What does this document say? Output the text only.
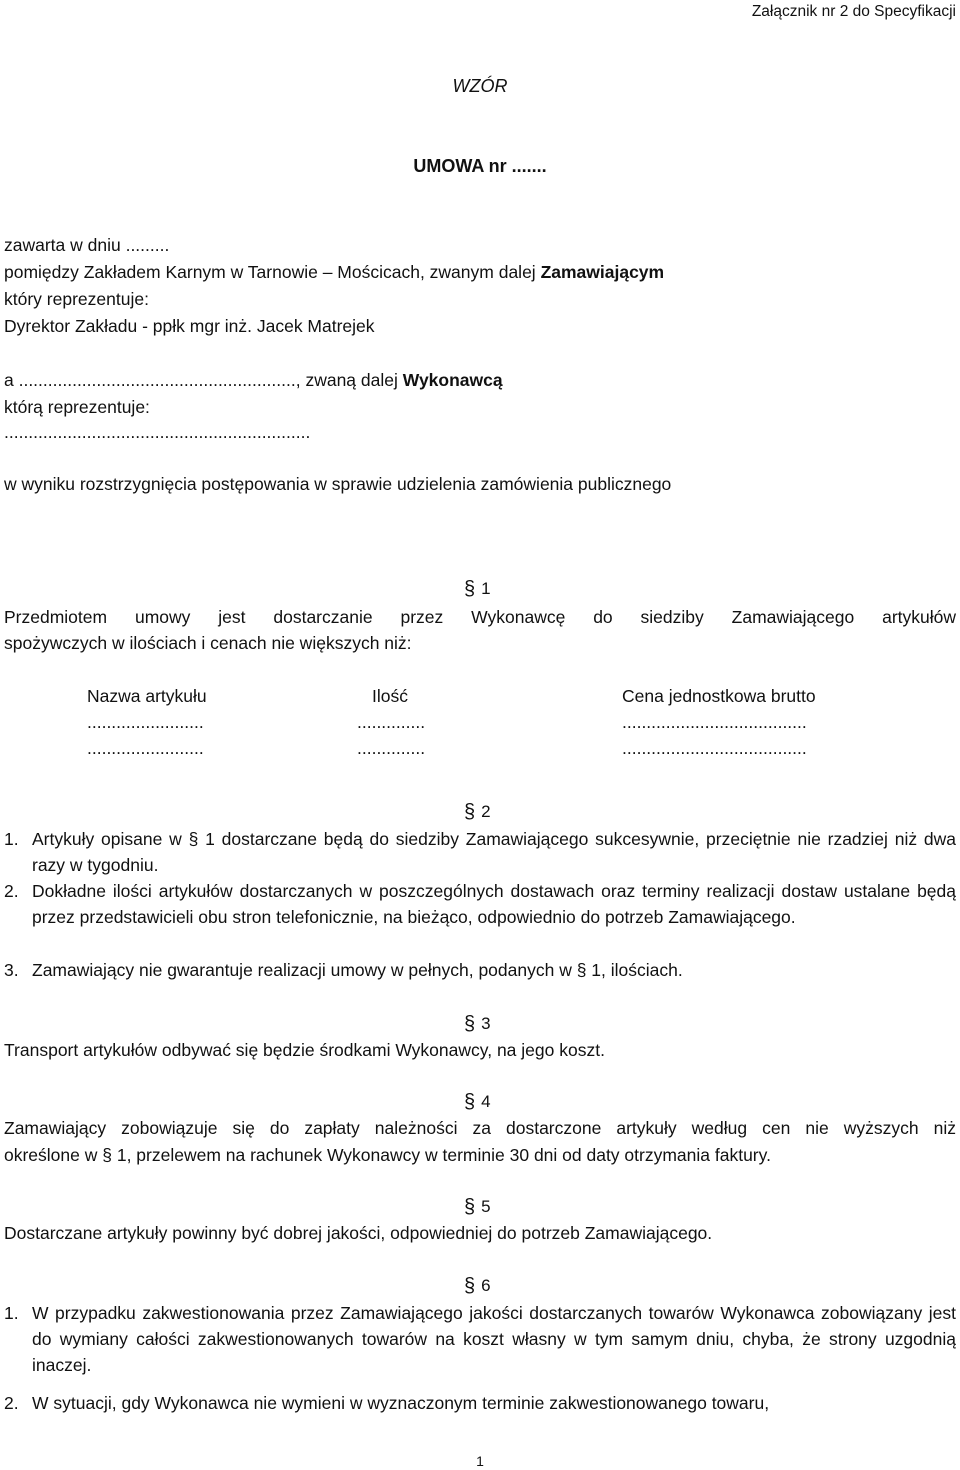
Załącznik nr 2 do Specyfikacji
WZÓR
UMOWA nr .......
zawarta w dniu .........
pomiędzy Zakładem Karnym w Tarnowie – Mościcach, zwanym dalej Zamawiającym
który reprezentuje:
Dyrektor Zakładu - ppłk mgr inż. Jacek Matrejek
a ........................................................., zwaną dalej Wykonawcą
którą reprezentuje:
...............................................................
w wyniku rozstrzygnięcia postępowania w sprawie udzielenia zamówienia publicznego
§ 1
Przedmiotem umowy jest dostarczanie przez Wykonawcę do siedziby Zamawiającego artykułów
spożywczych w ilościach i cenach nie większych niż:
Nazwa artykułu	Ilość	Cena jednostkowa brutto
........................	..............	......................................
........................	..............	......................................
§ 2
1. Artykuły opisane w § 1 dostarczane będą do siedziby Zamawiającego sukcesywnie, przeciętnie nie rzadziej niż dwa razy w tygodniu.
2. Dokładne ilości artykułów dostarczanych w poszczególnych dostawach oraz terminy realizacji dostaw ustalane będą przez przedstawicieli obu stron telefonicznie, na bieżąco, odpowiednio do potrzeb Zamawiającego.
3. Zamawiający nie gwarantuje realizacji umowy w pełnych, podanych w § 1, ilościach.
§ 3
Transport artykułów odbywać się będzie środkami Wykonawcy, na jego koszt.
§ 4
Zamawiający zobowiązuje się do zapłaty należności za dostarczone artykuły według cen nie wyższych niż
określone w § 1, przelewem na rachunek Wykonawcy w terminie 30 dni od daty otrzymania faktury.
§ 5
Dostarczane artykuły powinny być dobrej jakości, odpowiedniej do potrzeb Zamawiającego.
§ 6
1. W przypadku zakwestionowania przez Zamawiającego jakości dostarczanych towarów Wykonawca zobowiązany jest do wymiany całości zakwestionowanych towarów na koszt własny w tym samym dniu, chyba, że strony uzgodnią inaczej.
2. W sytuacji, gdy Wykonawca nie wymieni w wyznaczonym terminie zakwestionowanego towaru,
1
